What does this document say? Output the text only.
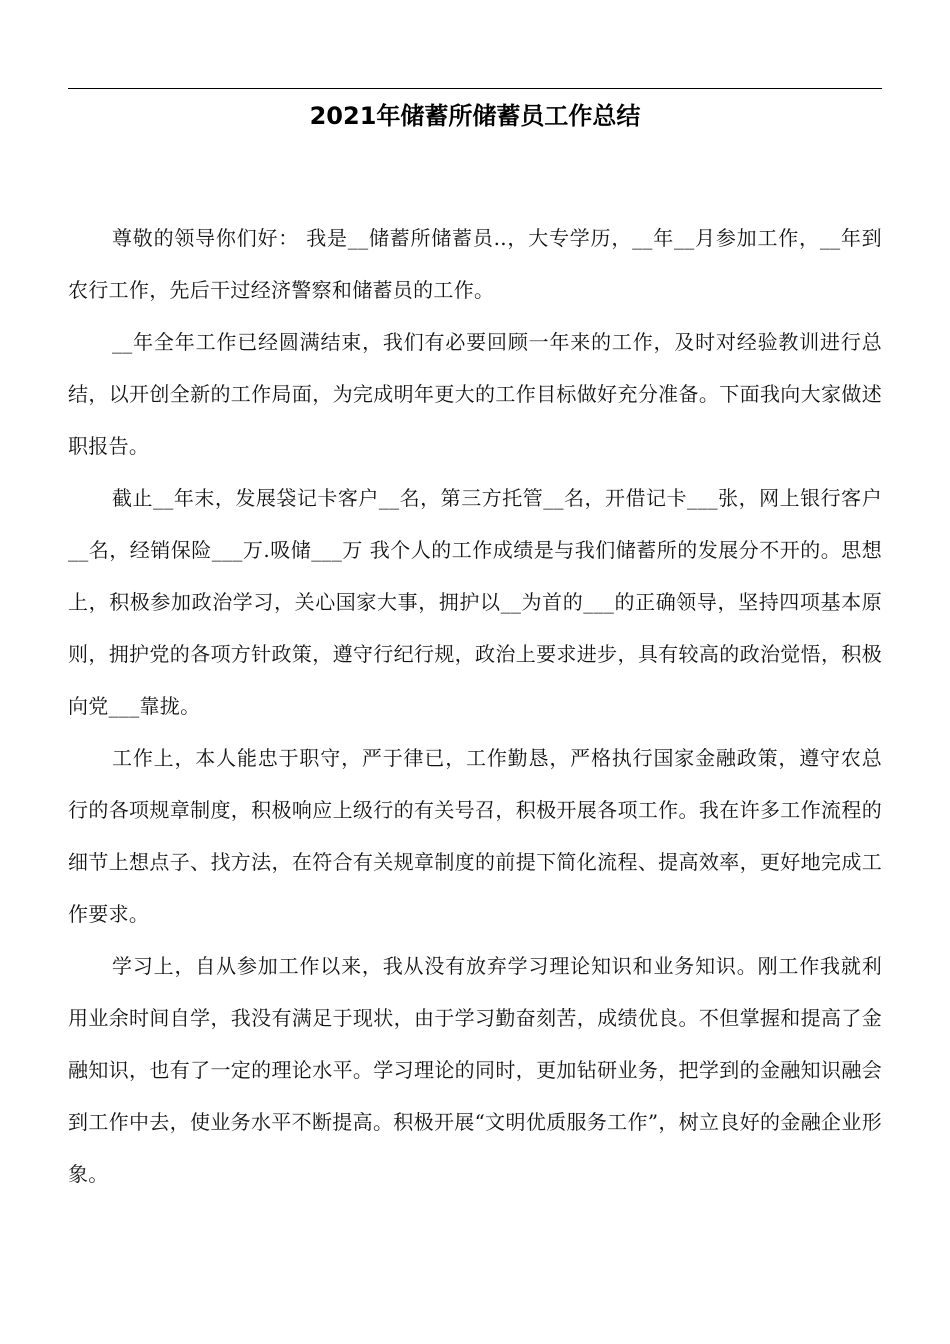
2021年储蓄所储蓄员工作总结

尊敬的领导你们好： 我是__储蓄所储蓄员..，大专学历，__年__月参加工作，__年到农行工作，先后干过经济警察和储蓄员的工作。

__年全年工作已经圆满结束，我们有必要回顾一年来的工作，及时对经验教训进行总结，以开创全新的工作局面，为完成明年更大的工作目标做好充分准备。下面我向大家做述职报告。

截止__年末，发展袋记卡客户__名，第三方托管__名，开借记卡___张，网上银行客户__名，经销保险___万.吸储___万 我个人的工作成绩是与我们储蓄所的发展分不开的。思想上，积极参加政治学习，关心国家大事，拥护以__为首的___的正确领导，坚持四项基本原则，拥护党的各项方针政策，遵守行纪行规，政治上要求进步，具有较高的政治觉悟，积极向党___靠拢。

工作上，本人能忠于职守，严于律已，工作勤恳，严格执行国家金融政策，遵守农总行的各项规章制度，积极响应上级行的有关号召，积极开展各项工作。我在许多工作流程的细节上想点子、找方法，在符合有关规章制度的前提下简化流程、提高效率，更好地完成工作要求。

学习上，自从参加工作以来，我从没有放弃学习理论知识和业务知识。刚工作我就利用业余时间自学，我没有满足于现状，由于学习勤奋刻苦，成绩优良。不但掌握和提高了金融知识，也有了一定的理论水平。学习理论的同时，更加钻研业务，把学到的金融知识融会到工作中去，使业务水平不断提高。积极开展“文明优质服务工作”，树立良好的金融企业形象。
